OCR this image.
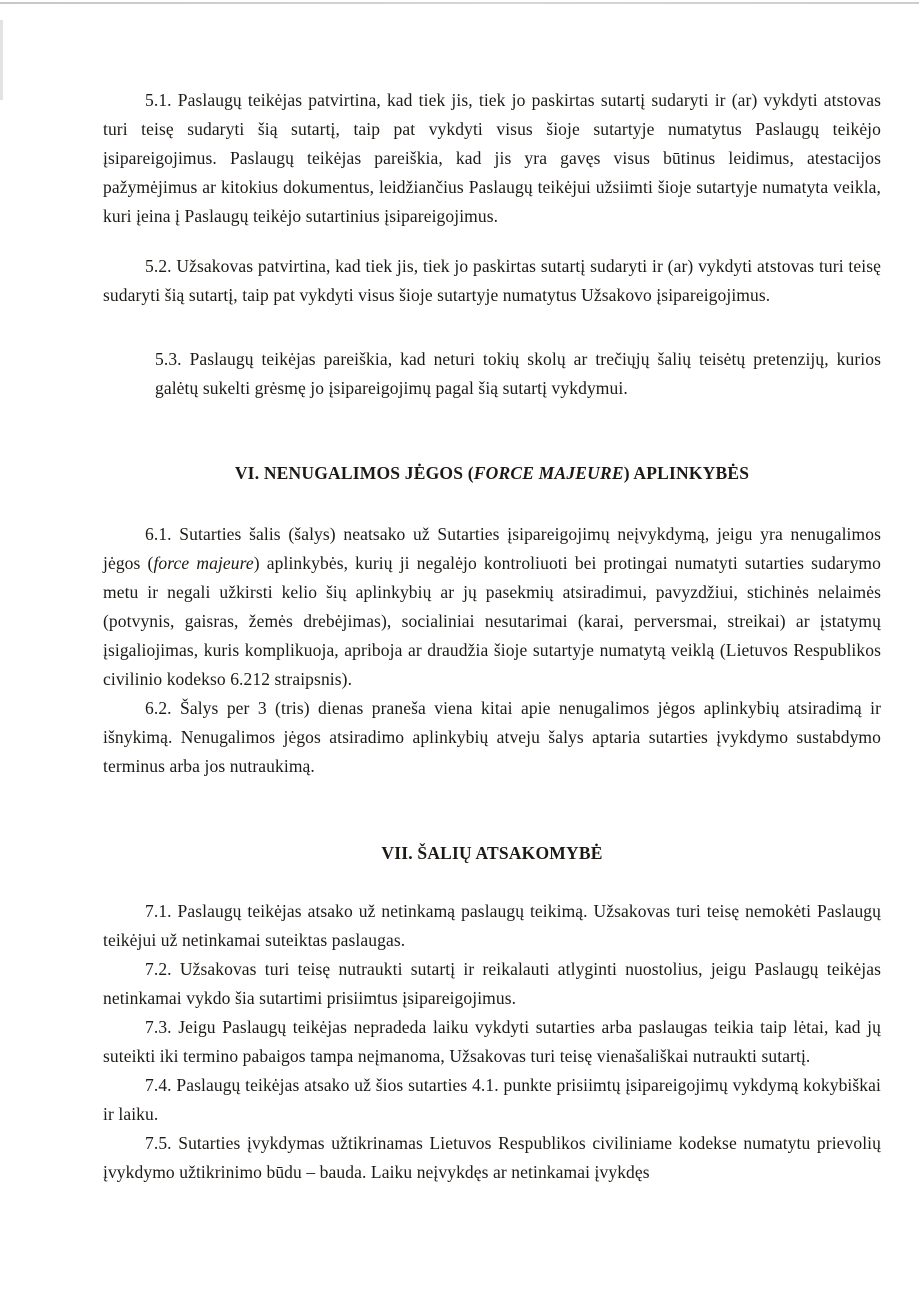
5.1. Paslaugų teikėjas patvirtina, kad tiek jis, tiek jo paskirtas sutartį sudaryti ir (ar) vykdyti atstovas turi teisę sudaryti šią sutartį, taip pat vykdyti visus šioje sutartyje numatytus Paslaugų teikėjo įsipareigojimus. Paslaugų teikėjas pareiškia, kad jis yra gavęs visus būtinus leidimus, atestacijos pažymėjimus ar kitokius dokumentus, leidžiančius Paslaugų teikėjui užsiimti šioje sutartyje numatyta veikla, kuri įeina į Paslaugų teikėjo sutartinius įsipareigojimus.

5.2. Užsakovas patvirtina, kad tiek jis, tiek jo paskirtas sutartį sudaryti ir (ar) vykdyti atstovas turi teisę sudaryti šią sutartį, taip pat vykdyti visus šioje sutartyje numatytus Užsakovo įsipareigojimus.

5.3. Paslaugų teikėjas pareiškia, kad neturi tokių skolų ar trečiųjų šalių teisėtų pretenzijų, kurios galėtų sukelti grėsmę jo įsipareigojimų pagal šią sutartį vykdymui.

VI. NENUGALIMOS JĖGOS (FORCE MAJEURE) APLINKYBĖS

6.1. Sutarties šalis (šalys) neatsako už Sutarties įsipareigojimų neįvykdymą, jeigu yra nenugalimos jėgos (force majeure) aplinkybės, kurių ji negalėjo kontroliuoti bei protingai numatyti sutarties sudarymo metu ir negali užkirsti kelio šių aplinkybių ar jų pasekmių atsiradimui, pavyzdžiui, stichinės nelaimės (potvynis, gaisras, žemės drebėjimas), socialiniai nesutarimai (karai, perversmai, streikai) ar įstatymų įsigaliojimas, kuris komplikuoja, apriboja ar draudžia šioje sutartyje numatytą veiklą (Lietuvos Respublikos civilinio kodekso 6.212 straipsnis).

6.2. Šalys per 3 (tris) dienas praneša viena kitai apie nenugalimos jėgos aplinkybių atsiradimą ir išnykimą. Nenugalimos jėgos atsiradimo aplinkybių atveju šalys aptaria sutarties įvykdymo sustabdymo terminus arba jos nutraukimą.

VII. ŠALIŲ ATSAKOMYBĖ

7.1. Paslaugų teikėjas atsako už netinkamą paslaugų teikimą. Užsakovas turi teisę nemokėti Paslaugų teikėjui už netinkamai suteiktas paslaugas.

7.2. Užsakovas turi teisę nutraukti sutartį ir reikalauti atlyginti nuostolius, jeigu Paslaugų teikėjas netinkamai vykdo šia sutartimi prisiimtus įsipareigojimus.

7.3. Jeigu Paslaugų teikėjas nepradeda laiku vykdyti sutarties arba paslaugas teikia taip lėtai, kad jų suteikti iki termino pabaigos tampa neįmanoma, Užsakovas turi teisę vienašališkai nutraukti sutartį.

7.4. Paslaugų teikėjas atsako už šios sutarties 4.1. punkte prisiimtų įsipareigojimų vykdymą kokybiškai ir laiku.

7.5. Sutarties įvykdymas užtikrinamas Lietuvos Respublikos civiliniame kodekse numatytu prievolių įvykdymo užtikrinimo būdu – bauda. Laiku neįvykdęs ar netinkamai įvykdęs
